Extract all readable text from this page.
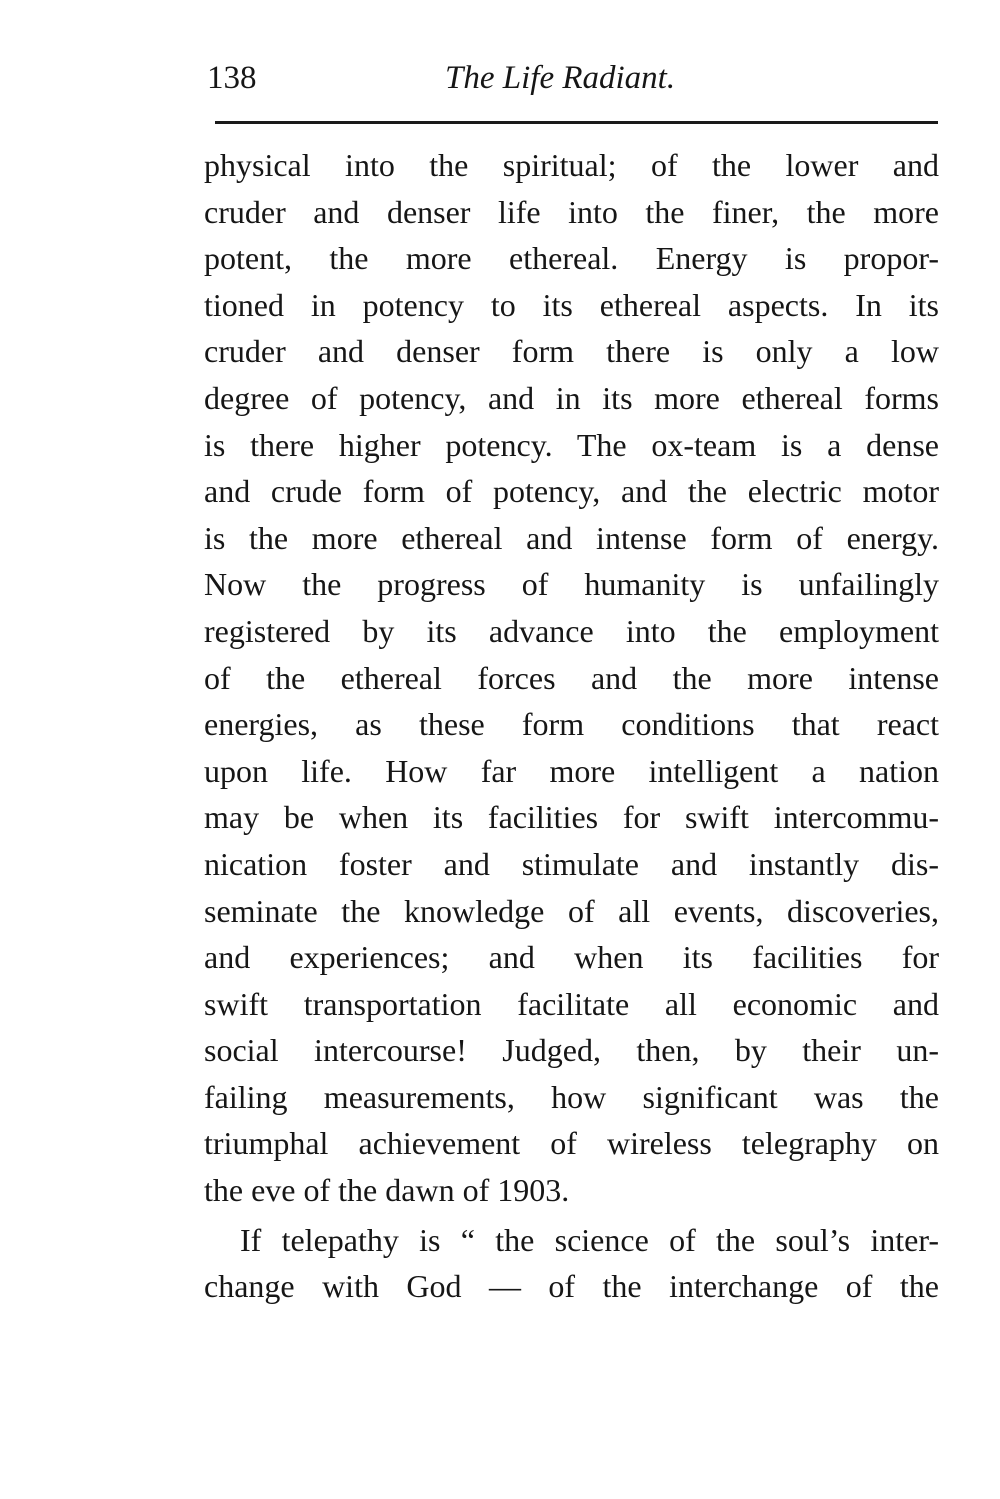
138	The Life Radiant.
physical into the spiritual; of the lower and
cruder and denser life into the finer, the more
potent, the more ethereal. Energy is propor-
tioned in potency to its ethereal aspects. In its
cruder and denser form there is only a low
degree of potency, and in its more ethereal forms
is there higher potency. The ox-team is a dense
and crude form of potency, and the electric motor
is the more ethereal and intense form of energy.
Now the progress of humanity is unfailingly
registered by its advance into the employment
of the ethereal forces and the more intense
energies, as these form conditions that react
upon life. How far more intelligent a nation
may be when its facilities for swift intercommu-
nication foster and stimulate and instantly dis-
seminate the knowledge of all events, discoveries,
and experiences; and when its facilities for
swift transportation facilitate all economic and
social intercourse! Judged, then, by their un-
failing measurements, how significant was the
triumphal achievement of wireless telegraphy on
the eve of the dawn of 1903.
If telepathy is “ the science of the soul’s inter-
change with God — of the interchange of the
